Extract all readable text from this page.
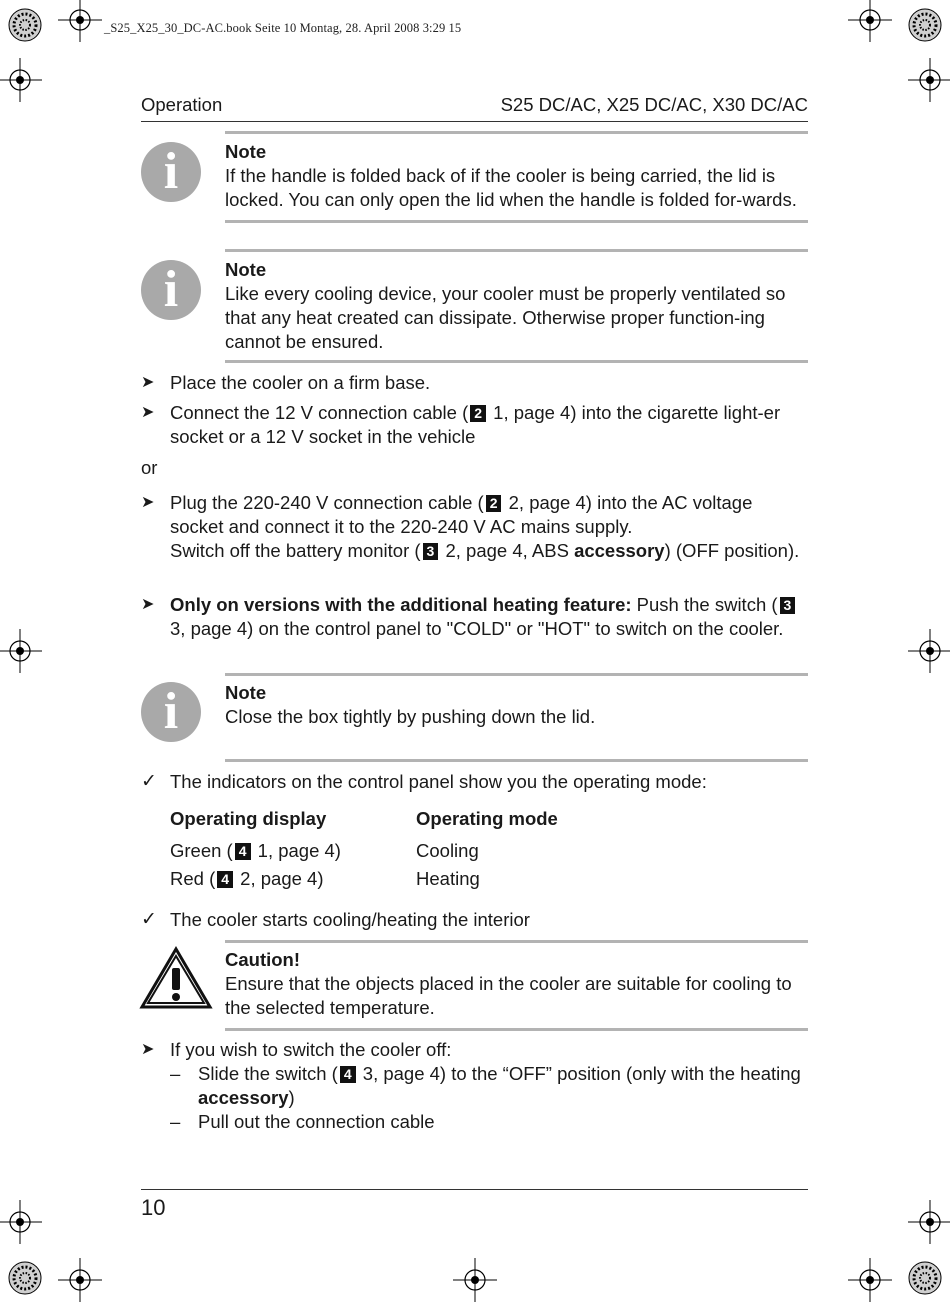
_S25_X25_30_DC-AC.book Seite 10 Montag, 28. April 2008 3:29 15
Operation	S25 DC/AC, X25 DC/AC, X30 DC/AC
i	Note
If the handle is folded back of if the cooler is being carried, the lid is locked. You can only open the lid when the handle is folded for-wards.
i	Note
Like every cooling device, your cooler must be properly ventilated so that any heat created can dissipate. Otherwise proper function-ing cannot be ensured.
➤ Place the cooler on a firm base.
➤ Connect the 12 V connection cable ( 2 1, page 4) into the cigarette light-er socket or a 12 V socket in the vehicle
or
➤ Plug the 220-240 V connection cable ( 2 2, page 4) into the AC voltage socket and connect it to the 220-240 V AC mains supply.
Switch off the battery monitor ( 3 2, page 4, ABS accessory) (OFF position).
➤ Only on versions with the additional heating feature: Push the switch ( 3 3, page 4) on the control panel to "COLD" or "HOT" to switch on the cooler.
i	Note
Close the box tightly by pushing down the lid.
✓ The indicators on the control panel show you the operating mode:
Operating display	Operating mode
Green ( 4 1, page 4)	Cooling
Red ( 4 2, page 4)	Heating
✓ The cooler starts cooling/heating the interior
Caution!
Ensure that the objects placed in the cooler are suitable for cooling to the selected temperature.
➤ If you wish to switch the cooler off:
– Slide the switch ( 4 3, page 4) to the “OFF” position (only with the heating accessory)
– Pull out the connection cable
10
